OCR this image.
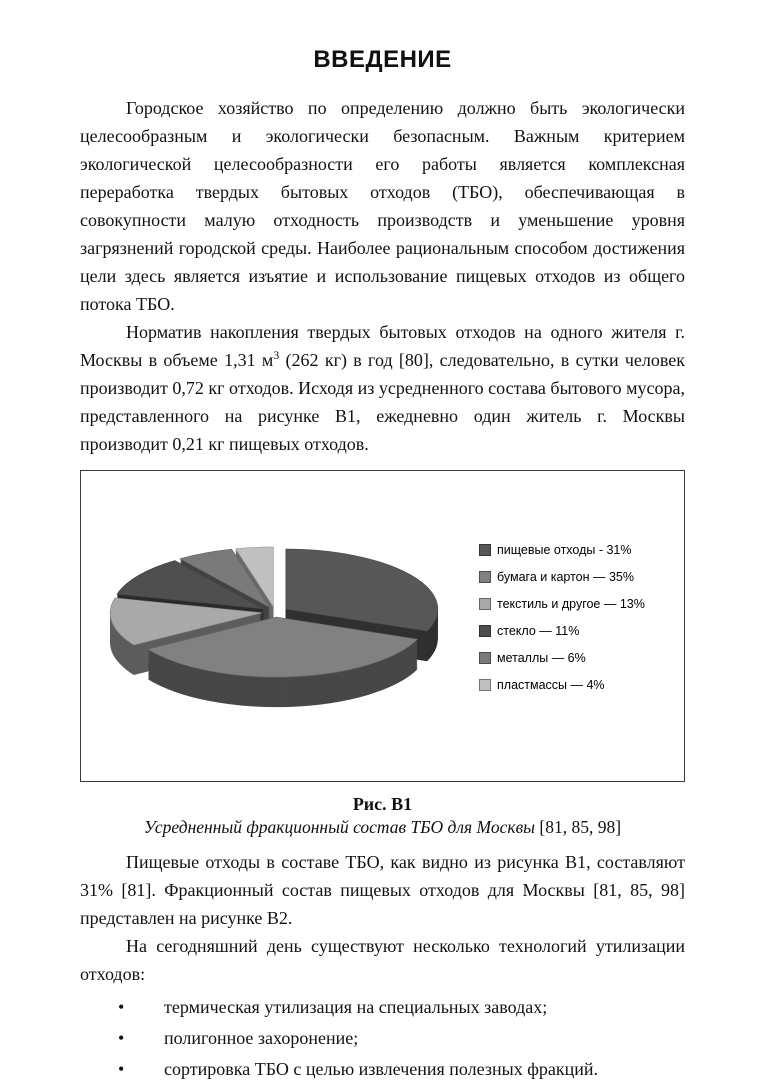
ВВЕДЕНИЕ

Городское хозяйство по определению должно быть экологически целесообразным и экологически безопасным. Важным критерием экологической целесообразности его работы является комплексная переработка твердых бытовых отходов (ТБО), обеспечивающая в совокупности малую отходность производств и уменьшение уровня загрязнений городской среды. Наиболее рациональным способом достижения цели здесь является изъятие и использование пищевых отходов из общего потока ТБО.

Норматив накопления твердых бытовых отходов на одного жителя г. Москвы в объеме 1,31 $м^3$ (262 кг) в год [80], следовательно, в сутки человек производит 0,72 кг отходов. Исходя из усредненного состава бытового мусора, представленного на рисунке В1, ежедневно один житель г. Москвы производит 0,21 кг пищевых отходов.

пищевые отходы - 31%
бумага и картон — 35%
текстиль и другое — 13%
стекло — 11%
металлы — 6%
пластмассы — 4%
Рис. В1
Усредненный фракционный состав ТБО для Москвы [81, 85, 98]

Пищевые отходы в составе ТБО, как видно из рисунка В1, составляют 31% [81]. Фракционный состав пищевых отходов для Москвы [81, 85, 98] представлен на рисунке В2.

На сегодняшний день существуют несколько технологий утилизации отходов:

• термическая утилизация на специальных заводах;
• полигонное захоронение;
• сортировка ТБО с целью извлечения полезных фракций.
